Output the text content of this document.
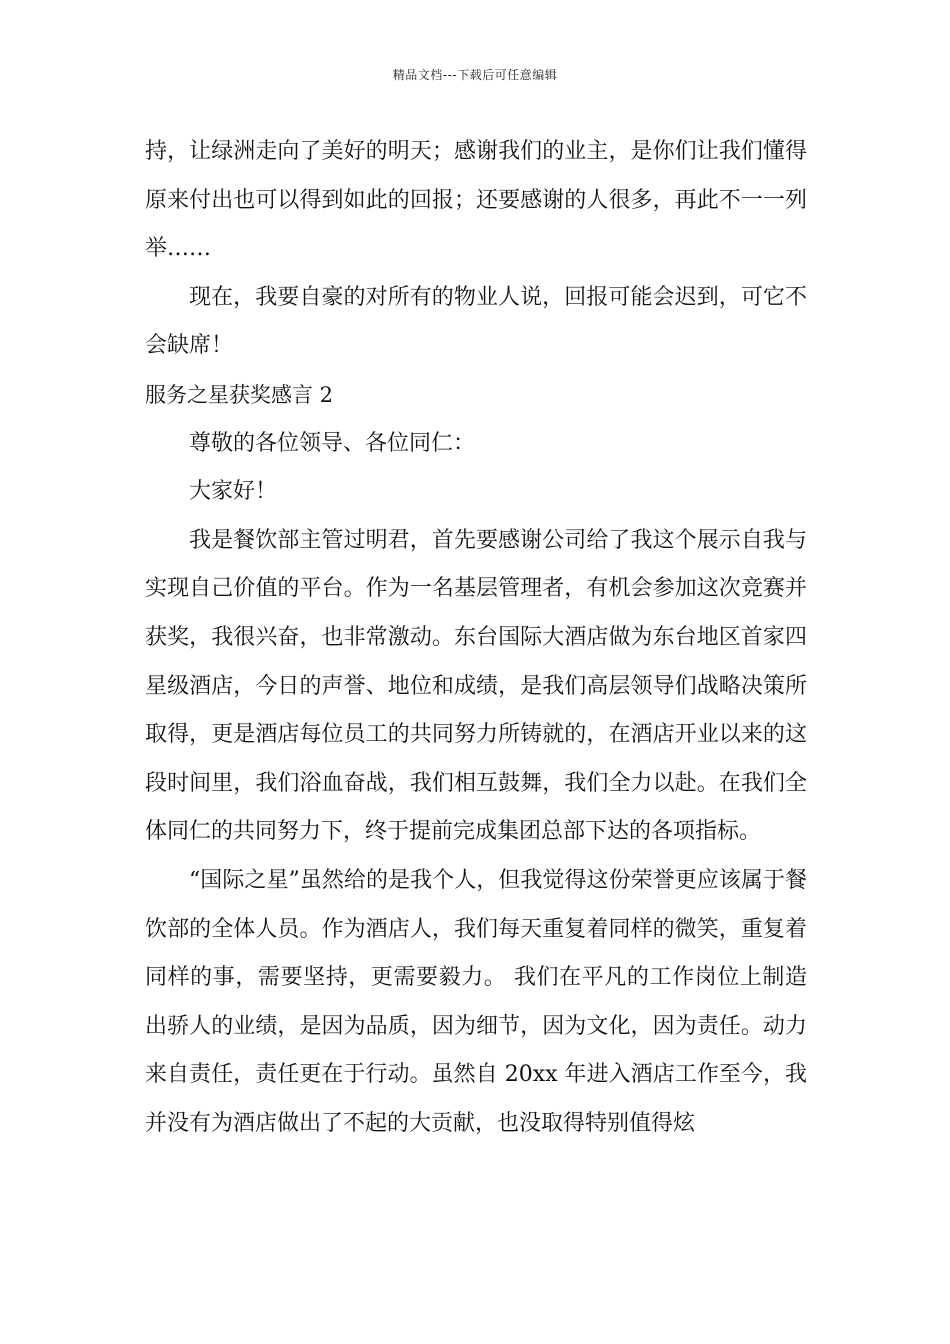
精品文档---下载后可任意编辑

持，让绿洲走向了美好的明天；感谢我们的业主，是你们让我们懂得原来付出也可以得到如此的回报；还要感谢的人很多，再此不一一列举……

现在，我要自豪的对所有的物业人说，回报可能会迟到，可它不会缺席！

服务之星获奖感言 2

尊敬的各位领导、各位同仁：

大家好！

我是餐饮部主管过明君，首先要感谢公司给了我这个展示自我与实现自己价值的平台。作为一名基层管理者，有机会参加这次竞赛并获奖，我很兴奋，也非常激动。东台国际大酒店做为东台地区首家四星级酒店，今日的声誉、地位和成绩，是我们高层领导们战略决策所取得，更是酒店每位员工的共同努力所铸就的，在酒店开业以来的这段时间里，我们浴血奋战，我们相互鼓舞，我们全力以赴。在我们全体同仁的共同努力下，终于提前完成集团总部下达的各项指标。

“国际之星”虽然给的是我个人，但我觉得这份荣誉更应该属于餐饮部的全体人员。作为酒店人，我们每天重复着同样的微笑，重复着同样的事，需要坚持，更需要毅力。 我们在平凡的工作岗位上制造出骄人的业绩，是因为品质，因为细节，因为文化，因为责任。动力来自责任，责任更在于行动。虽然自 20xx 年进入酒店工作至今，我并没有为酒店做出了不起的大贡献，也没取得特别值得炫
